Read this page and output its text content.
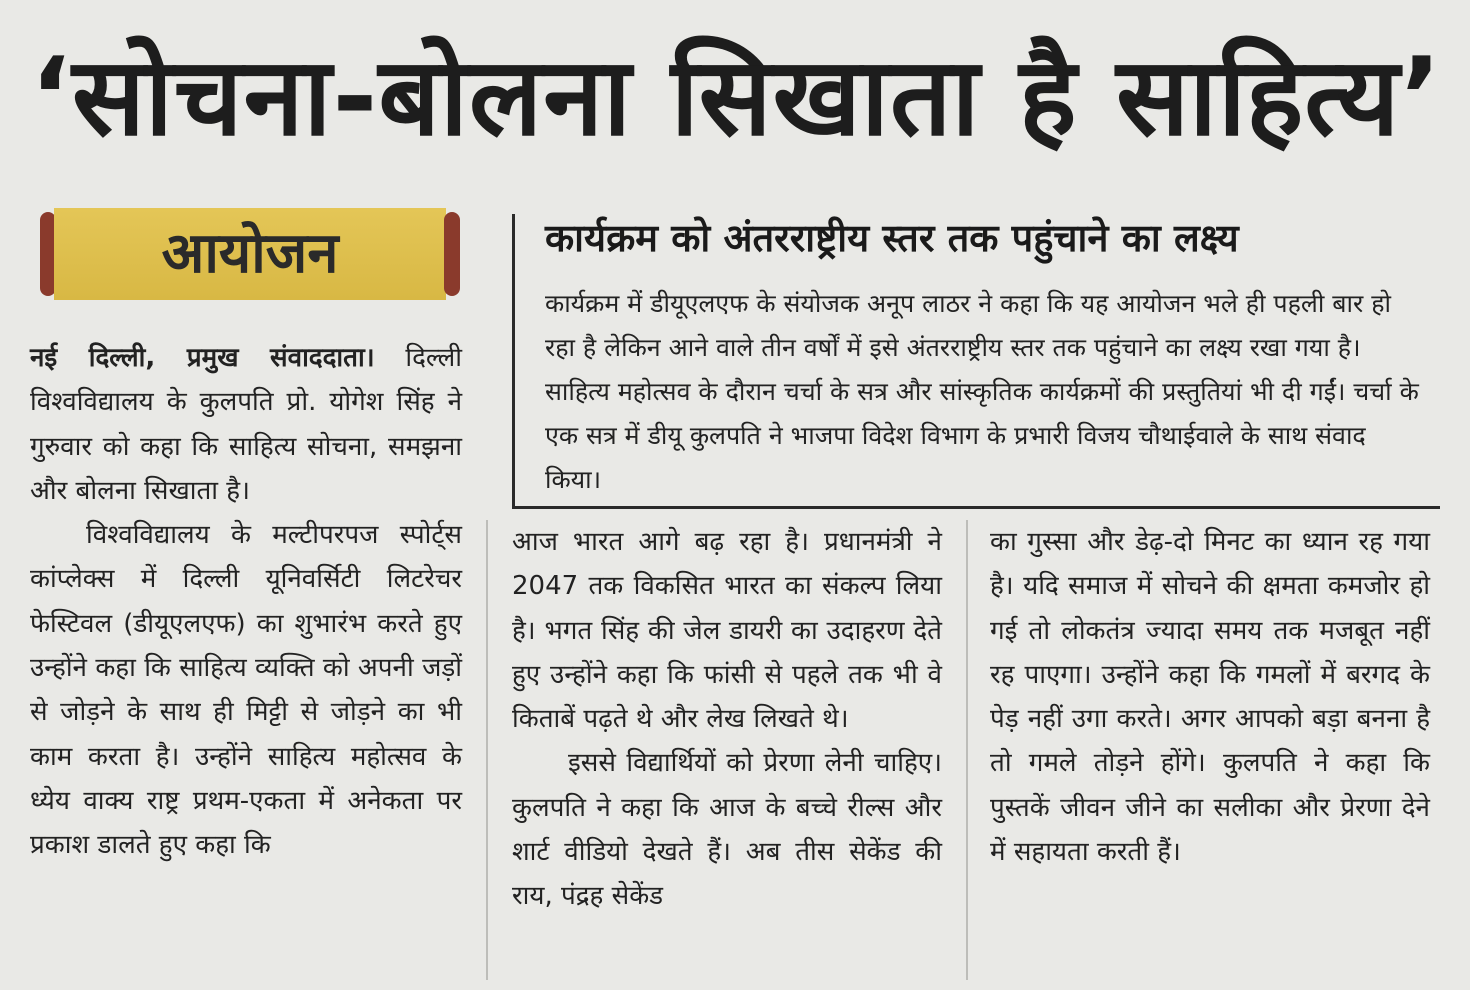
‘सोचना-बोलना सिखाता है साहित्य’
आयोजन	कार्यक्रम को अंतरराष्ट्रीय स्तर तक पहुंचाने का लक्ष्य
कार्यक्रम में डीयूएलएफ के संयोजक अनूप लाठर ने कहा कि यह आयोजन भले ही पहली बार हो रहा है लेकिन आने वाले तीन वर्षों में इसे अंतरराष्ट्रीय स्तर तक पहुंचाने का लक्ष्य रखा गया है। साहित्य महोत्सव के दौरान चर्चा के सत्र और सांस्कृतिक कार्यक्रमों की प्रस्तुतियां भी दी गईं। चर्चा के एक सत्र में डीयू कुलपति ने भाजपा विदेश विभाग के प्रभारी विजय चौथाईवाले के साथ संवाद किया।

नई दिल्ली, प्रमुख संवाददाता। दिल्ली विश्वविद्यालय के कुलपति प्रो. योगेश सिंह ने गुरुवार को कहा कि साहित्य सोचना, समझना और बोलना सिखाता है।

विश्वविद्यालय के मल्टीपरपज स्पोर्ट्स कांप्लेक्स में दिल्ली यूनिवर्सिटी लिटरेचर फेस्टिवल (डीयूएलएफ) का शुभारंभ करते हुए उन्होंने कहा कि साहित्य व्यक्ति को अपनी जड़ों से जोड़ने के साथ ही मिट्टी से जोड़ने का भी काम करता है। उन्होंने साहित्य महोत्सव के ध्येय वाक्य राष्ट्र प्रथम-एकता में अनेकता पर प्रकाश डालते हुए कहा कि

आज भारत आगे बढ़ रहा है। प्रधानमंत्री ने 2047 तक विकसित भारत का संकल्प लिया है। भगत सिंह की जेल डायरी का उदाहरण देते हुए उन्होंने कहा कि फांसी से पहले तक भी वे किताबें पढ़ते थे और लेख लिखते थे।

इससे विद्यार्थियों को प्रेरणा लेनी चाहिए। कुलपति ने कहा कि आज के बच्चे रील्स और शार्ट वीडियो देखते हैं। अब तीस सेकेंड की राय, पंद्रह सेकेंड

का गुस्सा और डेढ़-दो मिनट का ध्यान रह गया है। यदि समाज में सोचने की क्षमता कमजोर हो गई तो लोकतंत्र ज्यादा समय तक मजबूत नहीं रह पाएगा। उन्होंने कहा कि गमलों में बरगद के पेड़ नहीं उगा करते। अगर आपको बड़ा बनना है तो गमले तोड़ने होंगे। कुलपति ने कहा कि पुस्तकें जीवन जीने का सलीका और प्रेरणा देने में सहायता करती हैं।
